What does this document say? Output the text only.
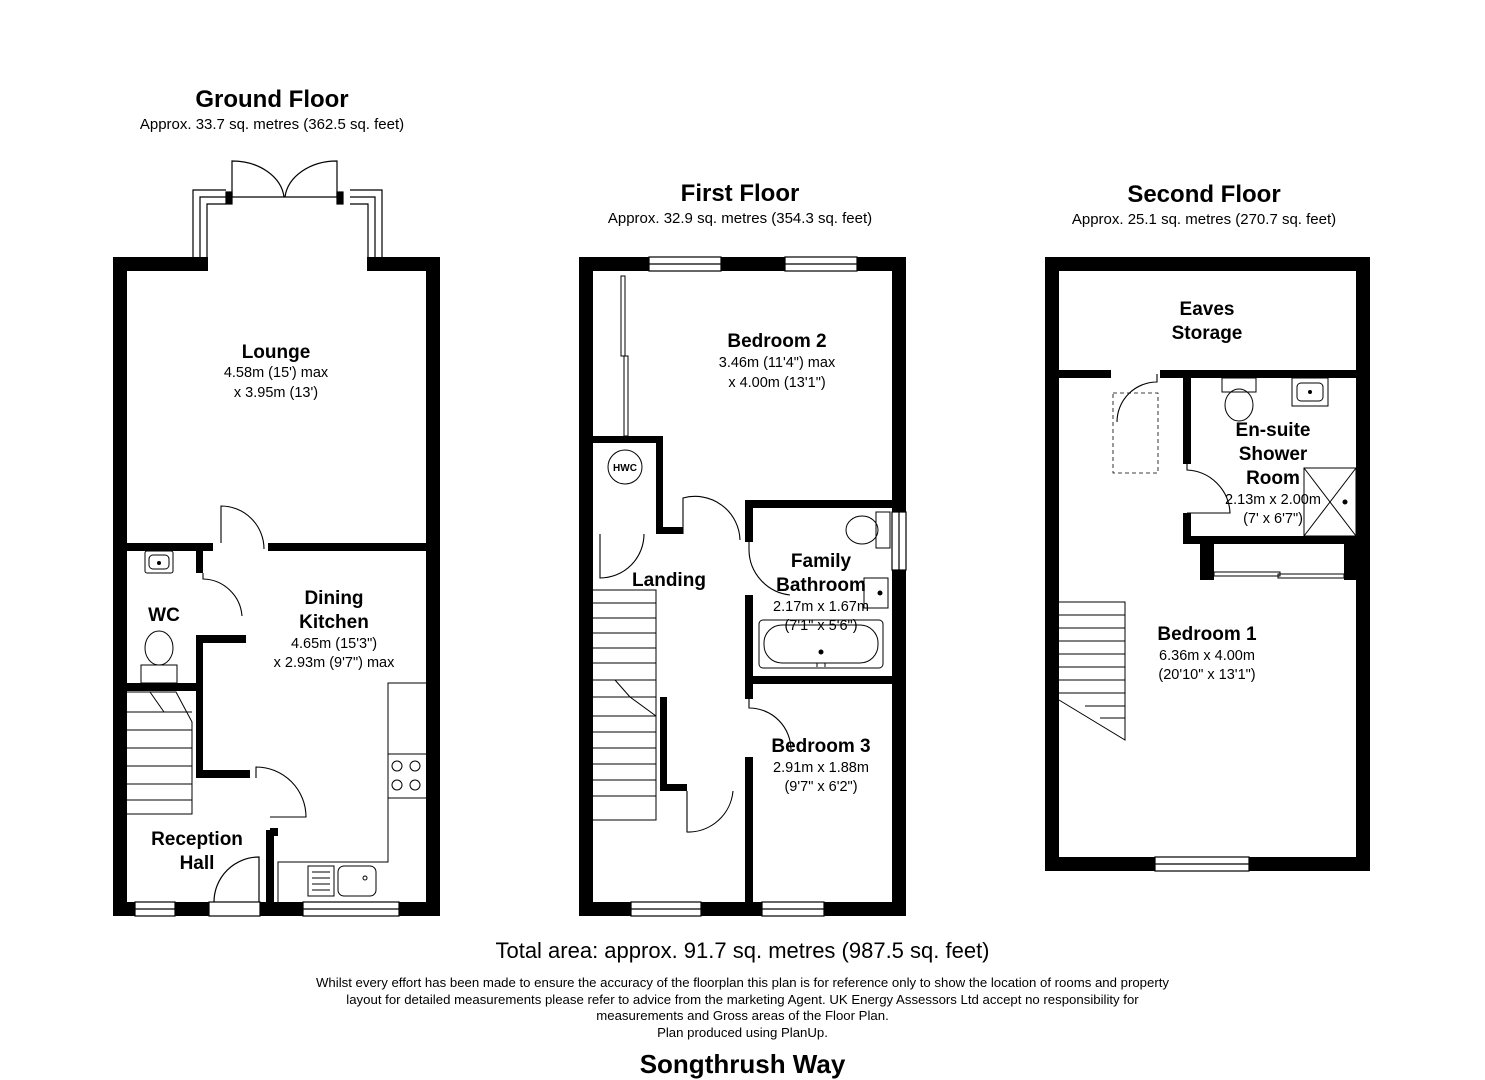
Ground Floor
Approx. 33.7 sq. metres (362.5 sq. feet)
Lounge
4.58m (15') max
x 3.95m (13')
WC
Dining
Kitchen
4.65m (15'3")
x 2.93m (9'7") max
Reception
Hall
First Floor
Approx. 32.9 sq. metres (354.3 sq. feet)
HWC
Bedroom 2
3.46m (11'4") max
x 4.00m (13'1")
Landing
Family
Bathroom
2.17m x 1.67m
(7'1" x 5'6")
Bedroom 3
2.91m x 1.88m
(9'7" x 6'2")
Second Floor
Approx. 25.1 sq. metres (270.7 sq. feet)
Eaves
Storage
En-suite
Shower
Room
2.13m x 2.00m
(7' x 6'7")
Bedroom 1
6.36m x 4.00m
(20'10" x 13'1")
Total area: approx. 91.7 sq. metres (987.5 sq. feet)
Whilst every effort has been made to ensure the accuracy of the floorplan this plan is for reference only to show the location of rooms and property
layout for detailed measurements please refer to advice from the marketing Agent. UK Energy Assessors Ltd accept no responsibility for
measurements and Gross areas of the Floor Plan.
Plan produced using PlanUp.
Songthrush Way
